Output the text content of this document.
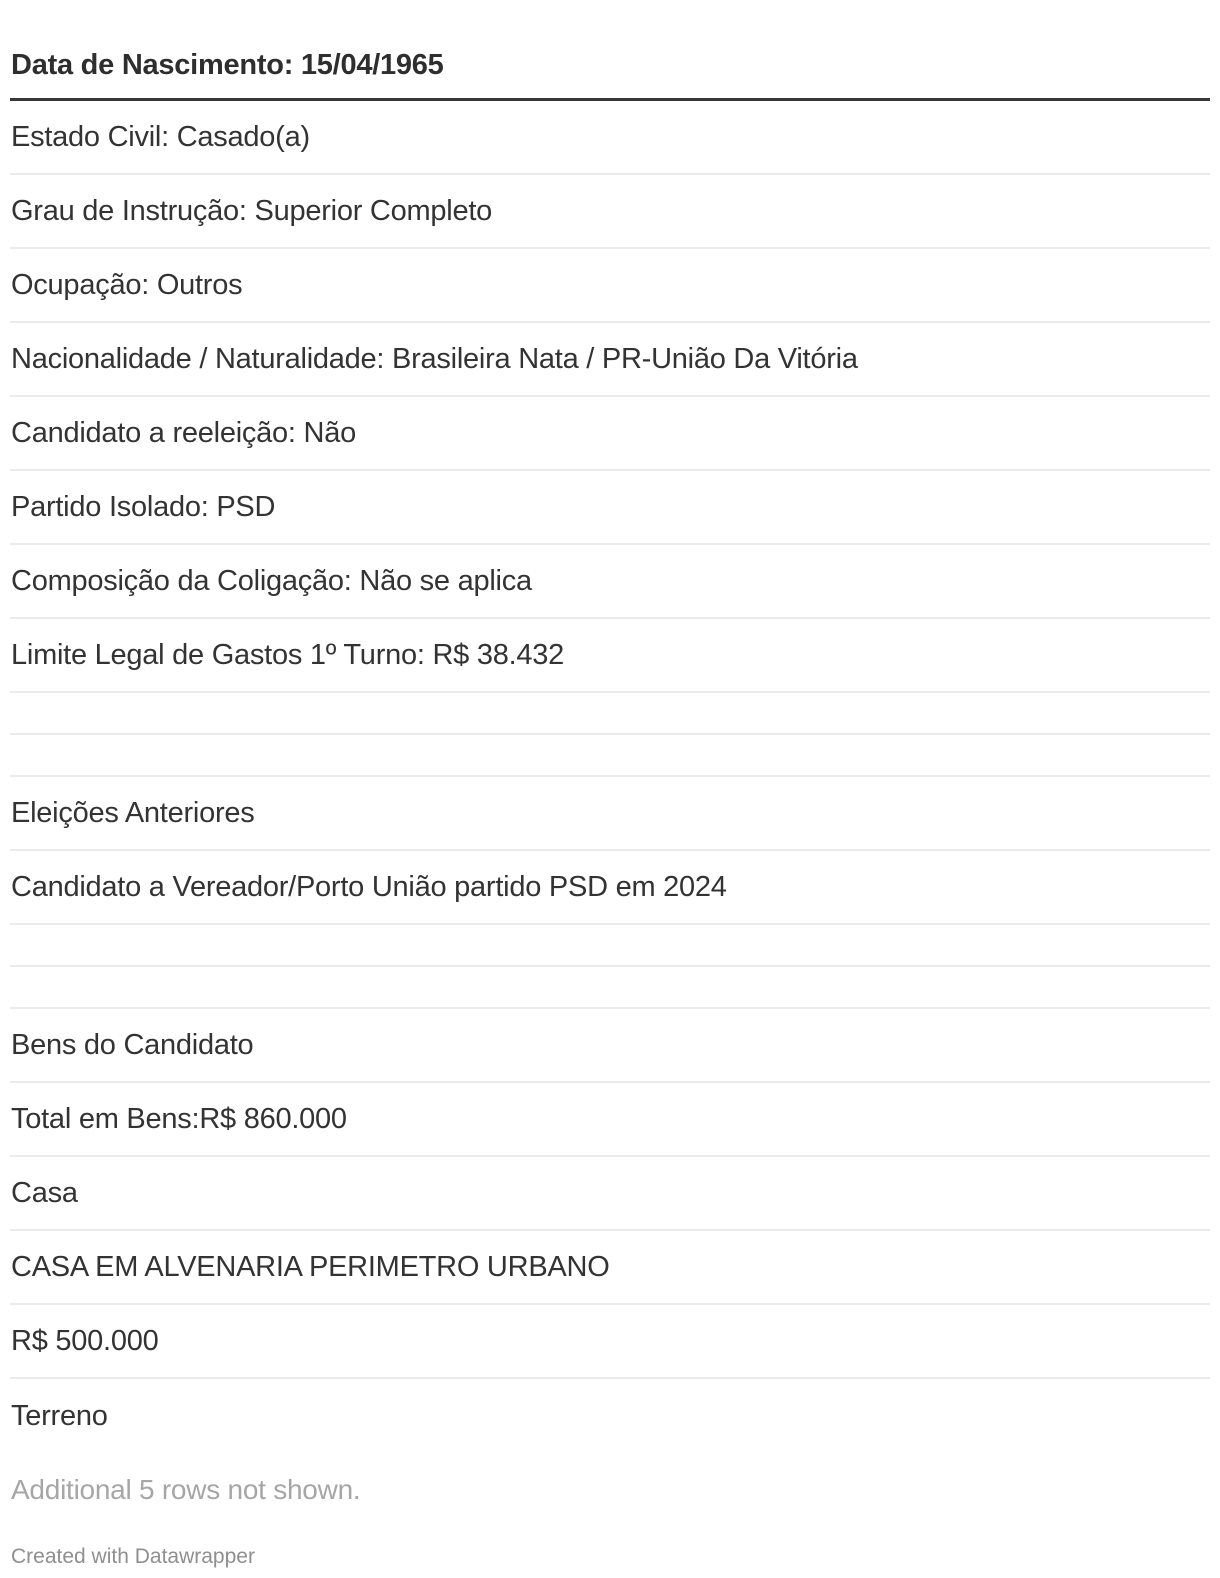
Data de Nascimento: 15/04/1965
Estado Civil: Casado(a)
Grau de Instrução: Superior Completo
Ocupação: Outros
Nacionalidade / Naturalidade: Brasileira Nata / PR-União Da Vitória
Candidato a reeleição: Não
Partido Isolado: PSD
Composição da Coligação: Não se aplica
Limite Legal de Gastos 1º Turno: R$ 38.432
Eleições Anteriores
Candidato a Vereador/Porto União partido PSD em 2024
Bens do Candidato
Total em Bens:R$ 860.000
Casa
CASA EM ALVENARIA PERIMETRO URBANO
R$ 500.000
Terreno
Additional 5 rows not shown.
Created with Datawrapper
